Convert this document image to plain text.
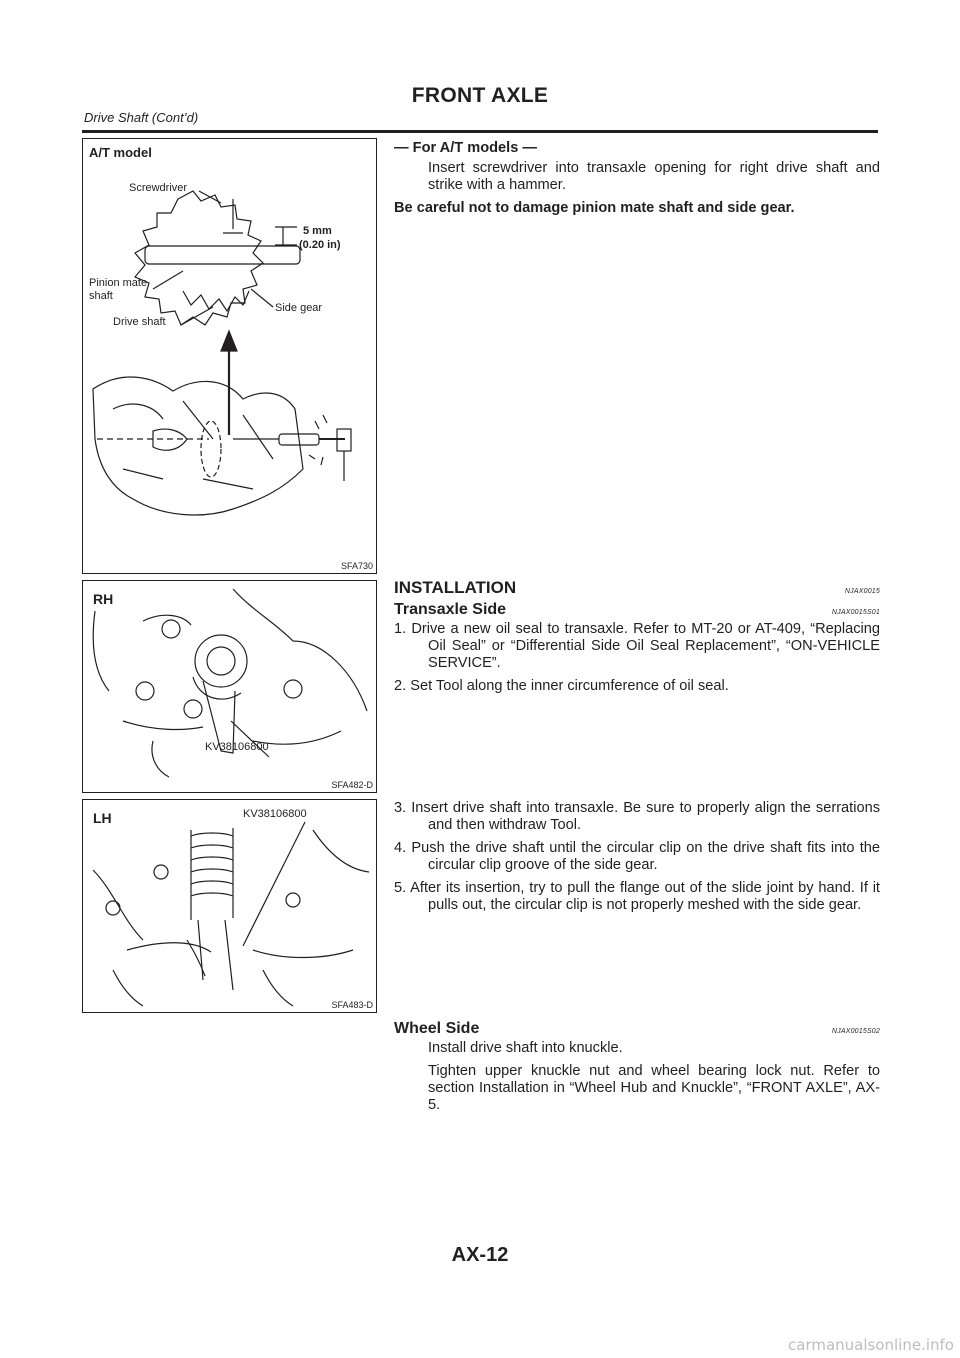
FRONT AXLE

Drive Shaft (Cont’d)

A/T model
Screwdriver
5 mm
(0.20 in)
Pinion mate
shaft
Side gear
Drive shaft
SFA730
RH
KV38106800
SFA482-D
LH	KV38106800
SFA483-D

— For A/T models —

Insert screwdriver into transaxle opening for right drive shaft and strike with a hammer.

Be careful not to damage pinion mate shaft and side gear.

INSTALLATION	NJAX0015
Transaxle Side	NJAX0015S01

1. Drive a new oil seal to transaxle. Refer to MT-20 or AT-409, “Replacing Oil Seal” or “Differential Side Oil Seal Replacement”, “ON-VEHICLE SERVICE”.

2. Set Tool along the inner circumference of oil seal.

3. Insert drive shaft into transaxle. Be sure to properly align the serrations and then withdraw Tool.

4. Push the drive shaft until the circular clip on the drive shaft fits into the circular clip groove of the side gear.

5. After its insertion, try to pull the flange out of the slide joint by hand. If it pulls out, the circular clip is not properly meshed with the side gear.

Wheel Side	NJAX0015S02

Install drive shaft into knuckle.

Tighten upper knuckle nut and wheel bearing lock nut. Refer to section Installation in “Wheel Hub and Knuckle”, “FRONT AXLE”, AX-5.

AX-12

carmanualsonline.info
